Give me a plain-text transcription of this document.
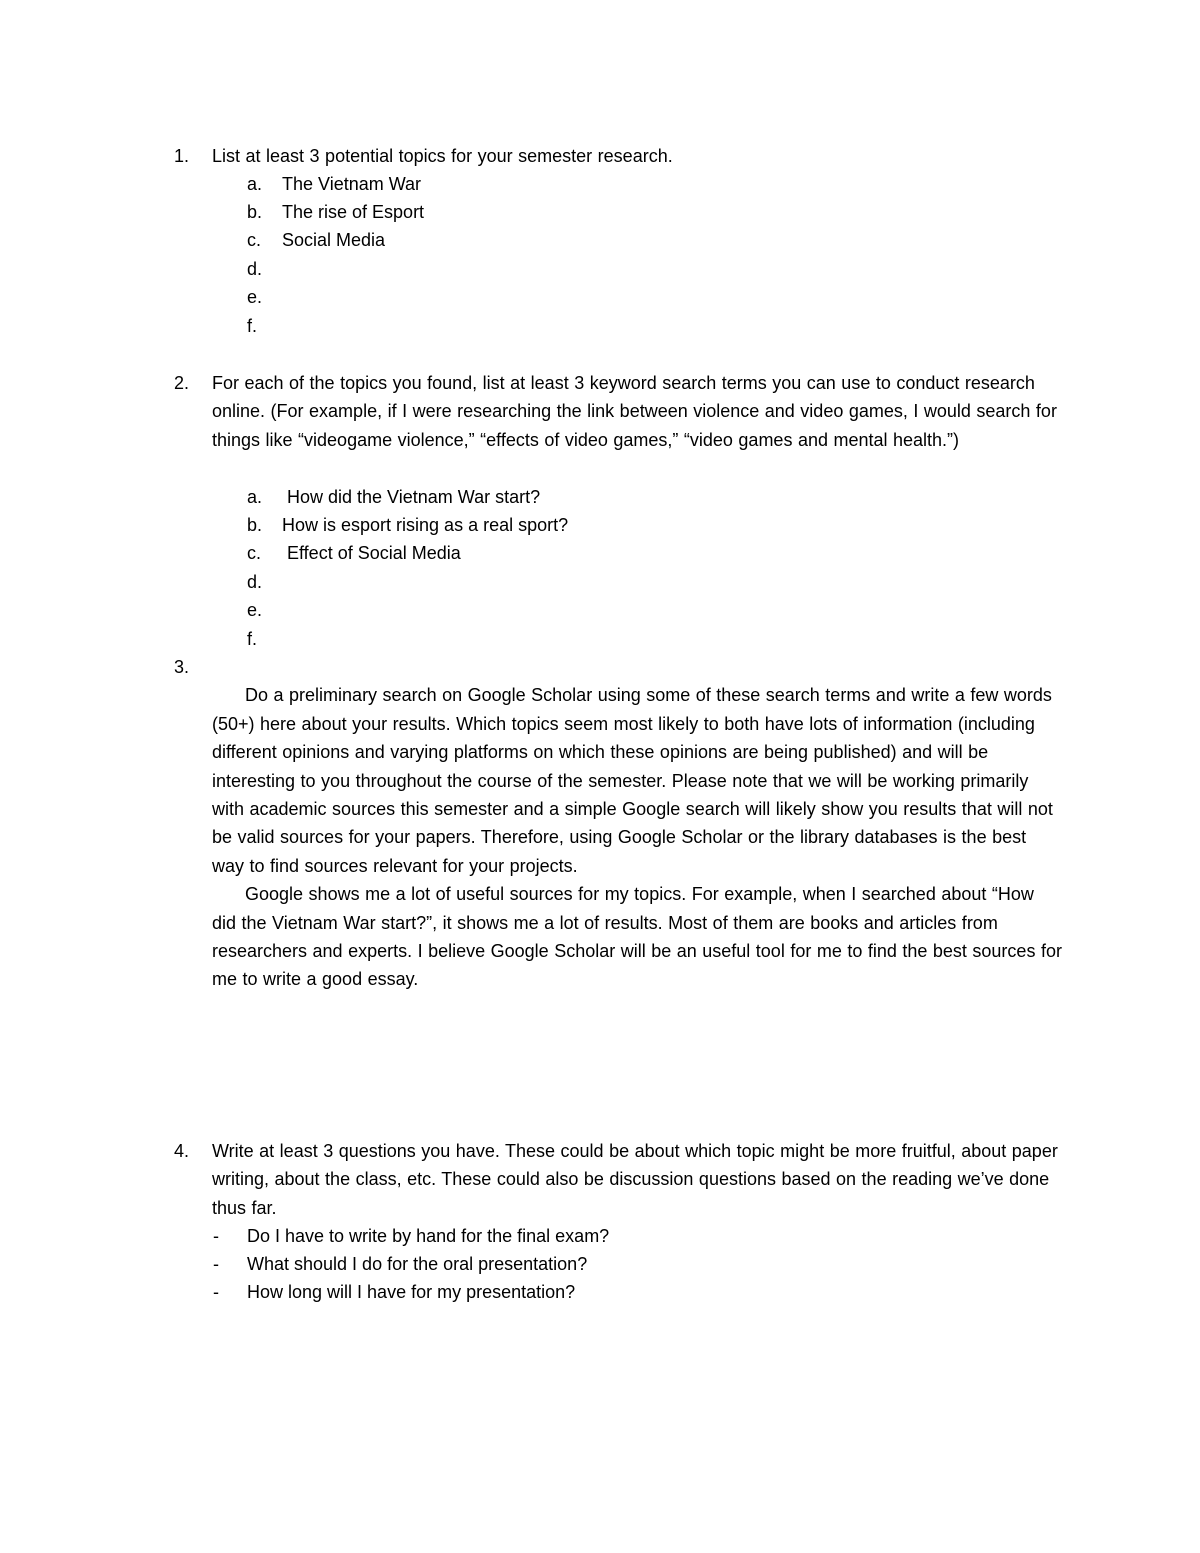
1. List at least 3 potential topics for your semester research.
a. The Vietnam War
b. The rise of Esport
c. Social Media
d.
e.
f.
2. For each of the topics you found, list at least 3 keyword search terms you can use to conduct research online. (For example, if I were researching the link between violence and video games, I would search for things like “videogame violence,” “effects of video games,” “video games and mental health.”)
a. How did the Vietnam War start?
b. How is esport rising as a real sport?
c. Effect of Social Media
d.
e.
f.
3.

Do a preliminary search on Google Scholar using some of these search terms and write a few words (50+) here about your results. Which topics seem most likely to both have lots of information (including different opinions and varying platforms on which these opinions are being published) and will be interesting to you throughout the course of the semester. Please note that we will be working primarily with academic sources this semester and a simple Google search will likely show you results that will not be valid sources for your papers. Therefore, using Google Scholar or the library databases is the best way to find sources relevant for your projects.
Google shows me a lot of useful sources for my topics. For example, when I searched about “How did the Vietnam War start?”, it shows me a lot of results. Most of them are books and articles from researchers and experts. I believe Google Scholar will be an useful tool for me to find the best sources for me to write a good essay.

4. Write at least 3 questions you have. These could be about which topic might be more fruitful, about paper writing, about the class, etc. These could also be discussion questions based on the reading we’ve done thus far.
- Do I have to write by hand for the final exam?
- What should I do for the oral presentation?
- How long will I have for my presentation?
